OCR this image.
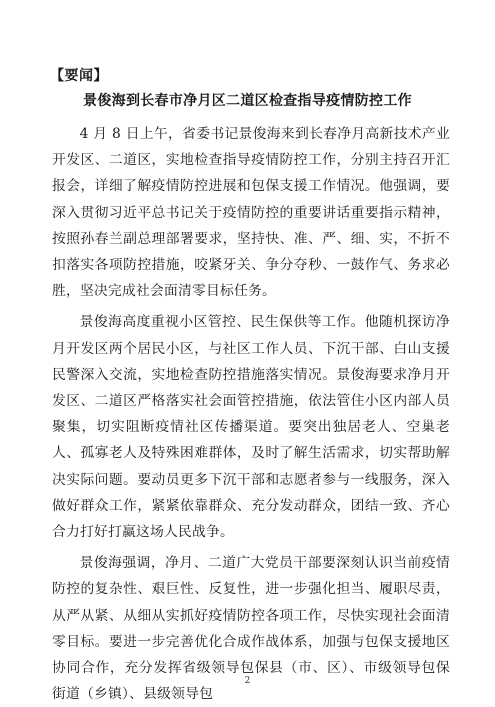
【要闻】
景俊海到长春市净月区二道区检查指导疫情防控工作

4 月 8 日上午，省委书记景俊海来到长春净月高新技术产业开发区、二道区，实地检查指导疫情防控工作，分别主持召开汇报会，详细了解疫情防控进展和包保支援工作情况。他强调，要深入贯彻习近平总书记关于疫情防控的重要讲话重要指示精神，按照孙春兰副总理部署要求，坚持快、准、严、细、实，不折不扣落实各项防控措施，咬紧牙关、争分夺秒、一鼓作气、务求必胜，坚决完成社会面清零目标任务。

景俊海高度重视小区管控、民生保供等工作。他随机探访净月开发区两个居民小区，与社区工作人员、下沉干部、白山支援民警深入交流，实地检查防控措施落实情况。景俊海要求净月开发区、二道区严格落实社会面管控措施，依法管住小区内部人员聚集，切实阻断疫情社区传播渠道。要突出独居老人、空巢老人、孤寡老人及特殊困难群体，及时了解生活需求，切实帮助解决实际问题。要动员更多下沉干部和志愿者参与一线服务，深入做好群众工作，紧紧依靠群众、充分发动群众，团结一致、齐心合力打好打赢这场人民战争。

景俊海强调，净月、二道广大党员干部要深刻认识当前疫情防控的复杂性、艰巨性、反复性，进一步强化担当、履职尽责，从严从紧、从细从实抓好疫情防控各项工作，尽快实现社会面清零目标。要进一步完善优化合成作战体系，加强与包保支援地区协同合作，充分发挥省级领导包保县（市、区）、市级领导包保街道（乡镇）、县级领导包

2
